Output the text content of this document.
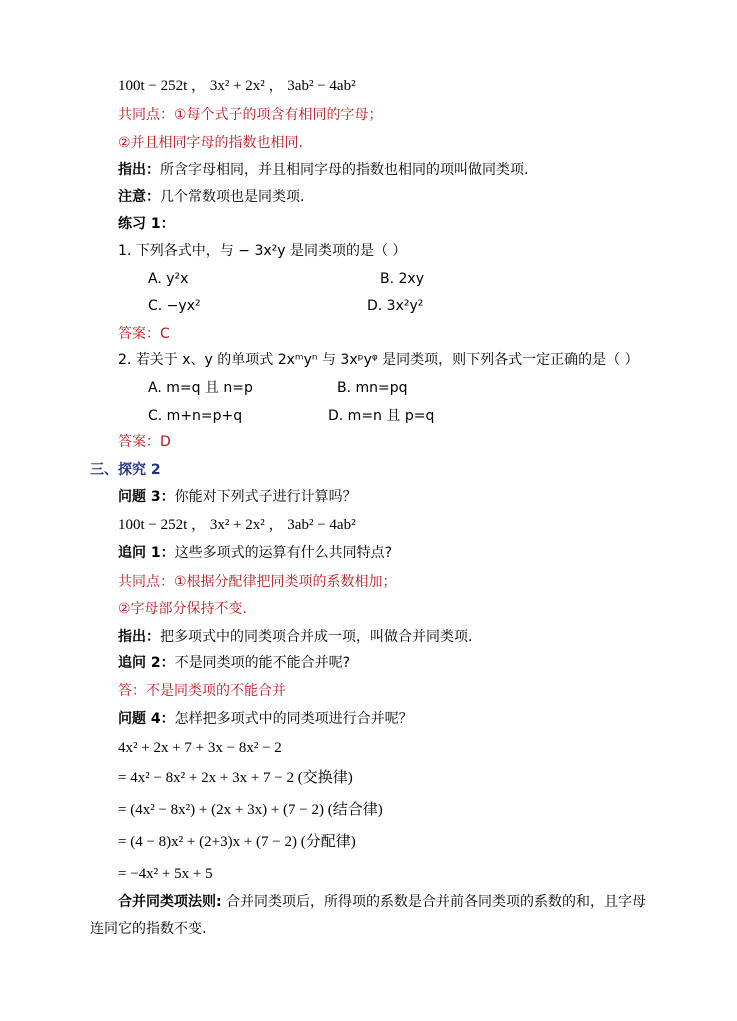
100t − 252t ， 3x² + 2x² ， 3ab² − 4ab²
共同点：①每个式子的项含有相同的字母；
②并且相同字母的指数也相同.
指出：所含字母相同，并且相同字母的指数也相同的项叫做同类项.
注意：几个常数项也是同类项.
练习 1：
1. 下列各式中，与 − 3x²y 是同类项的是（ ）
A. y²x	B. 2xy
C. −yx²	D. 3x²y²
答案：C
2. 若关于 x、y 的单项式 2xᵐyⁿ 与 3xᵖyᵠ 是同类项，则下列各式一定正确的是（ ）
A. m=q 且 n=p	B. mn=pq
C. m+n=p+q	D. m=n 且 p=q
答案：D
三、探究 2
问题 3：你能对下列式子进行计算吗？
100t − 252t ， 3x² + 2x² ， 3ab² − 4ab²
追问 1：这些多项式的运算有什么共同特点?
共同点：①根据分配律把同类项的系数相加；
②字母部分保持不变.
指出：把多项式中的同类项合并成一项，叫做合并同类项.
追问 2：不是同类项的能不能合并呢?
答：不是同类项的不能合并
问题 4：怎样把多项式中的同类项进行合并呢？
4x² + 2x + 7 + 3x − 8x² − 2
= 4x² − 8x² + 2x + 3x + 7 − 2 (交换律)
= (4x² − 8x²) + (2x + 3x) + (7 − 2) (结合律)
= (4 − 8)x² + (2+3)x + (7 − 2) (分配律)
= −4x² + 5x + 5
合并同类项法则: 合并同类项后，所得项的系数是合并前各同类项的系数的和，且字母
连同它的指数不变.
